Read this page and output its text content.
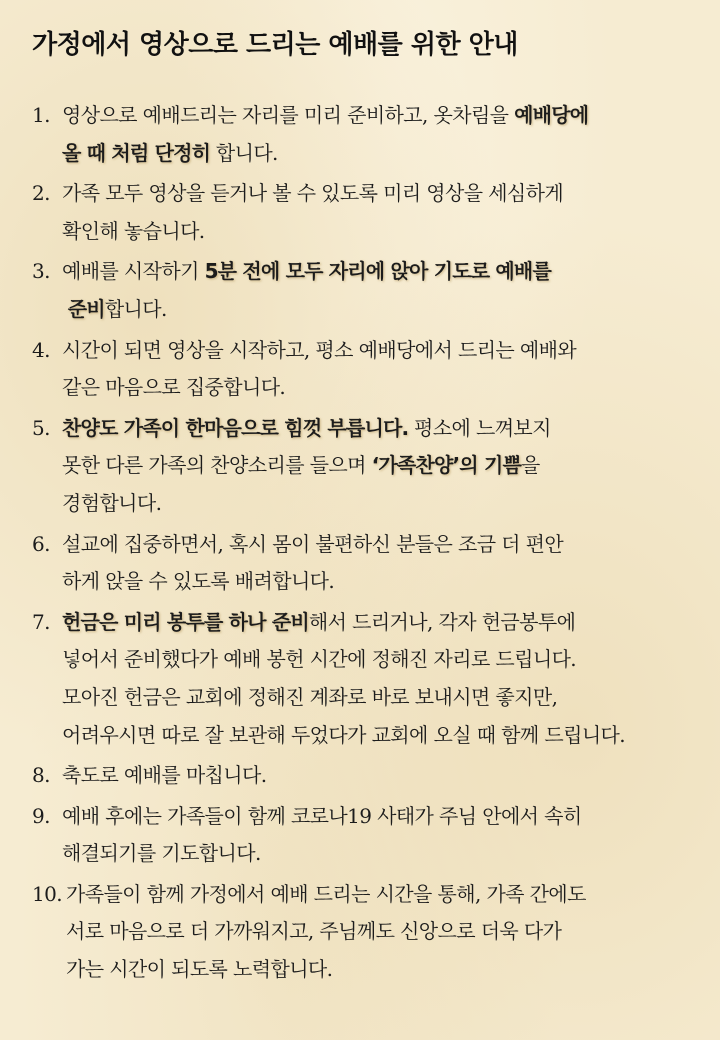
가정에서 영상으로 드리는 예배를 위한 안내
1. 영상으로 예배드리는 자리를 미리 준비하고, 옷차림을 예배당에
올 때 처럼 단정히 합니다.
2. 가족 모두 영상을 듣거나 볼 수 있도록 미리 영상을 세심하게
확인해 놓습니다.
3. 예배를 시작하기 5분 전에 모두 자리에 앉아 기도로 예배를
준비합니다.
4. 시간이 되면 영상을 시작하고, 평소 예배당에서 드리는 예배와
같은 마음으로 집중합니다.
5. 찬양도 가족이 한마음으로 힘껏 부릅니다. 평소에 느껴보지
못한 다른 가족의 찬양소리를 들으며 ‘가족찬양’의 기쁨을
경험합니다.
6. 설교에 집중하면서, 혹시 몸이 불편하신 분들은 조금 더 편안
하게 앉을 수 있도록 배려합니다.
7. 헌금은 미리 봉투를 하나 준비해서 드리거나, 각자 헌금봉투에
넣어서 준비했다가 예배 봉헌 시간에 정해진 자리로 드립니다.
모아진 헌금은 교회에 정해진 계좌로 바로 보내시면 좋지만,
어려우시면 따로 잘 보관해 두었다가 교회에 오실 때 함께 드립니다.
8. 축도로 예배를 마칩니다.
9. 예배 후에는 가족들이 함께 코로나19 사태가 주님 안에서 속히
해결되기를 기도합니다.
10. 가족들이 함께 가정에서 예배 드리는 시간을 통해, 가족 간에도
서로 마음으로 더 가까워지고, 주님께도 신앙으로 더욱 다가
가는 시간이 되도록 노력합니다.
